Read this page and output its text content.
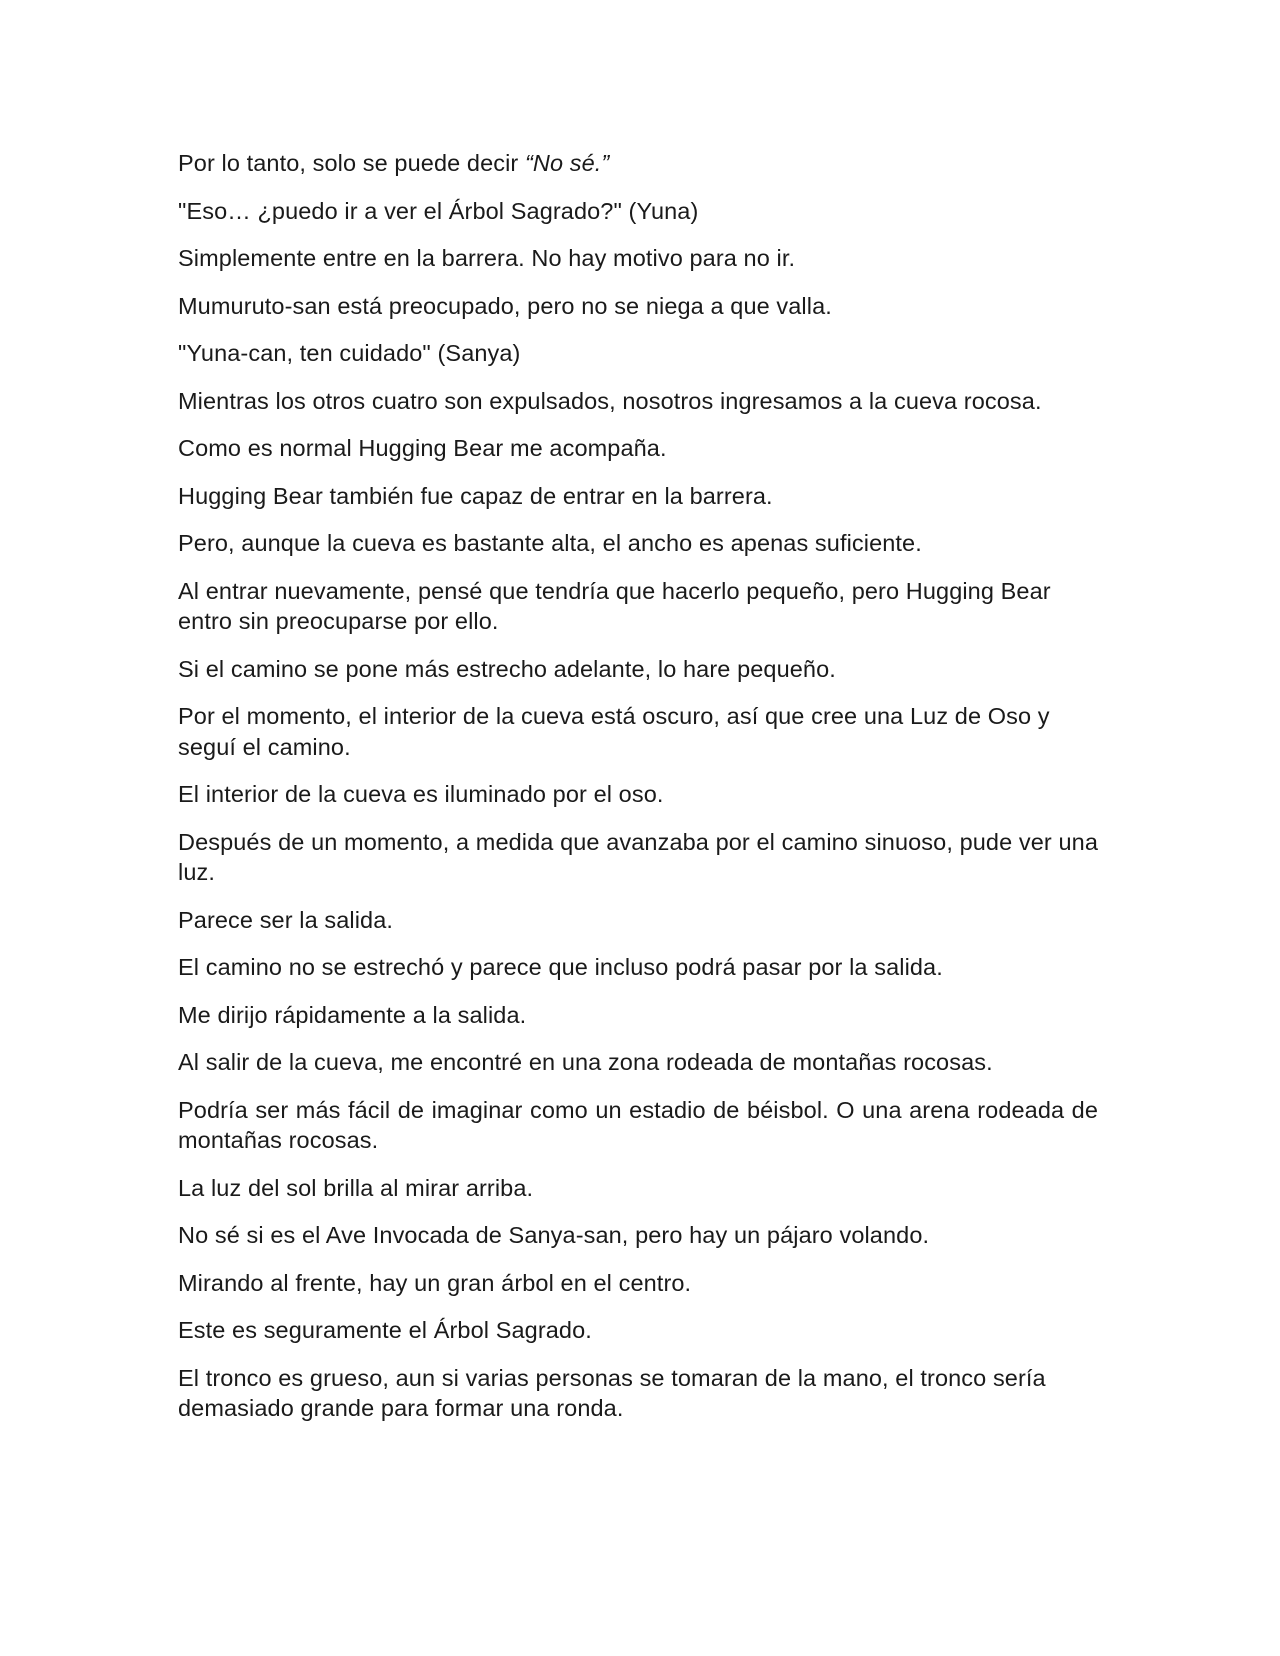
Por lo tanto, solo se puede decir “No sé.”

"Eso… ¿puedo ir a ver el Árbol Sagrado?" (Yuna)

Simplemente entre en la barrera. No hay motivo para no ir.

Mumuruto-san está preocupado, pero no se niega a que valla.

"Yuna-can, ten cuidado" (Sanya)

Mientras los otros cuatro son expulsados, nosotros ingresamos a la cueva rocosa.

Como es normal Hugging Bear me acompaña.

Hugging Bear también fue capaz de entrar en la barrera.

Pero, aunque la cueva es bastante alta, el ancho es apenas suficiente.

Al entrar nuevamente, pensé que tendría que hacerlo pequeño, pero Hugging Bear entro sin preocuparse por ello.

Si el camino se pone más estrecho adelante, lo hare pequeño.

Por el momento, el interior de la cueva está oscuro, así que cree una Luz de Oso y seguí el camino.

El interior de la cueva es iluminado por el oso.

Después de un momento, a medida que avanzaba por el camino sinuoso, pude ver una luz.

Parece ser la salida.

El camino no se estrechó y parece que incluso podrá pasar por la salida.

Me dirijo rápidamente a la salida.

Al salir de la cueva, me encontré en una zona rodeada de montañas rocosas.

Podría ser más fácil de imaginar como un estadio de béisbol. O una arena rodeada de montañas rocosas.

La luz del sol brilla al mirar arriba.

No sé si es el Ave Invocada de Sanya-san, pero hay un pájaro volando.

Mirando al frente, hay un gran árbol en el centro.

Este es seguramente el Árbol Sagrado.

El tronco es grueso, aun si varias personas se tomaran de la mano, el tronco sería demasiado grande para formar una ronda.
